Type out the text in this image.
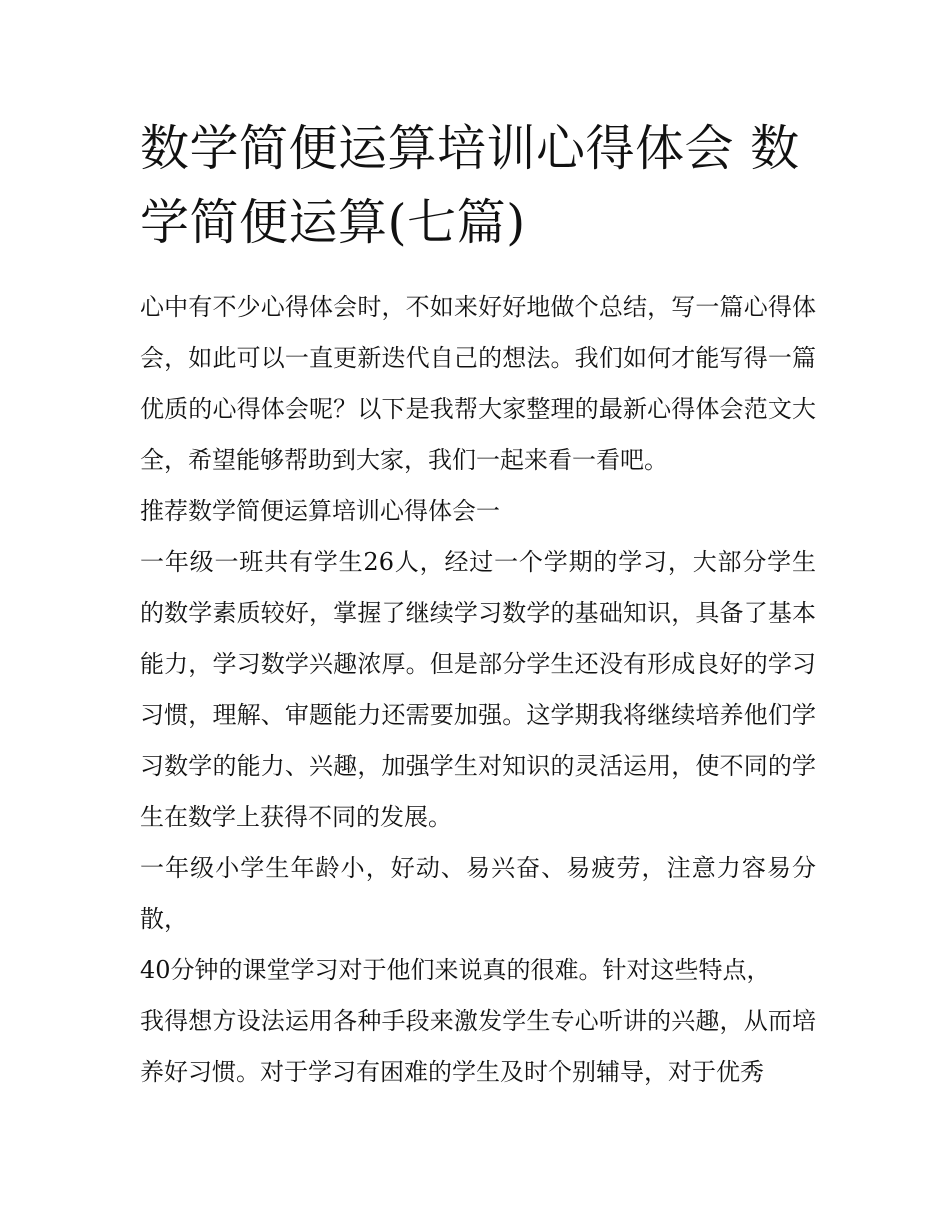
数学简便运算培训心得体会 数学简便运算(七篇)

心中有不少心得体会时，不如来好好地做个总结，写一篇心得体会，如此可以一直更新迭代自己的想法。我们如何才能写得一篇优质的心得体会呢？以下是我帮大家整理的最新心得体会范文大全，希望能够帮助到大家，我们一起来看一看吧。

推荐数学简便运算培训心得体会一

一年级一班共有学生26人，经过一个学期的学习，大部分学生的数学素质较好，掌握了继续学习数学的基础知识，具备了基本能力，学习数学兴趣浓厚。但是部分学生还没有形成良好的学习习惯，理解、审题能力还需要加强。这学期我将继续培养他们学习数学的能力、兴趣，加强学生对知识的灵活运用，使不同的学生在数学上获得不同的发展。

一年级小学生年龄小，好动、易兴奋、易疲劳，注意力容易分散，

40分钟的课堂学习对于他们来说真的很难。针对这些特点，

我得想方设法运用各种手段来激发学生专心听讲的兴趣，从而培养好习惯。对于学习有困难的学生及时个别辅导，对于优秀
